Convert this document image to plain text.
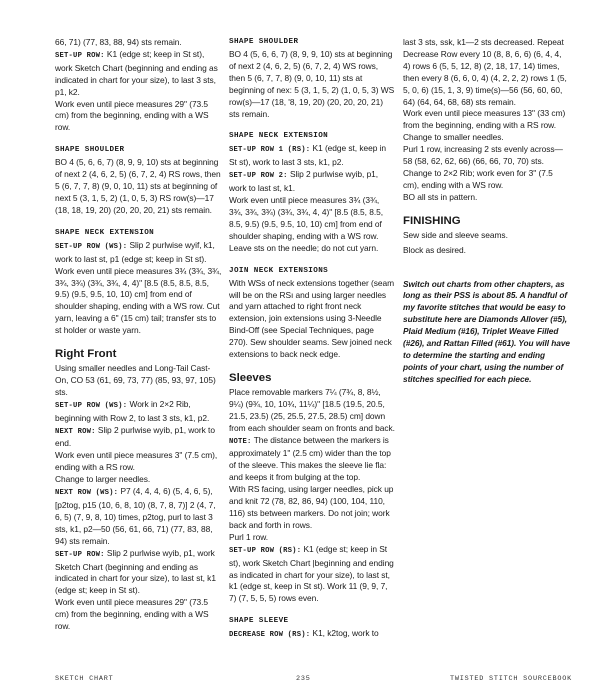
66, 71) (77, 83, 88, 94) sts remain.

SET-UP ROW: K1 (edge st; keep in St st), work Sketch Chart (beginning and ending as indicated in chart for your size), to last 3 sts, p1, k2.

Work even until piece measures 29" (73.5 cm) from the beginning, ending with a WS row.

SHAPE SHOULDER

BO 4 (5, 6, 6, 7) (8, 9, 9, 10) sts at beginning of next 2 (4, 6, 2, 5) (6, 7, 2, 4) RS rows, then 5 (6, 7, 7, 8) (9, 0, 10, 11) sts at beginning of next 5 (3, 1, 5, 2) (1, 0, 5, 3) RS row(s)—17 (18, 18, 19, 20) (20, 20, 20, 21) sts remain.

SHAPE NECK EXTENSION

SET-UP ROW (WS): Slip 2 purlwise wyif, k1, work to last st, p1 (edge st; keep in St st).

Work even until piece measures 3¾ (3¾, 3¾, 3¾, 3¾) (3¾, 3¾, 4, 4)" [8.5 (8.5, 8.5, 8.5, 9.5) (9.5, 9.5, 10, 10) cm] from end of shoulder shaping, ending with a WS row. Cut yarn, leaving a 6" (15 cm) tail; transfer sts to st holder or waste yarn.

Right Front

Using smaller needles and Long-Tail Cast-On, CO 53 (61, 69, 73, 77) (85, 93, 97, 105) sts.

SET-UP ROW (WS): Work in 2×2 Rib, beginning with Row 2, to last 3 sts, k1, p2.

NEXT ROW: Slip 2 purlwise wyib, p1, work to end.

Work even until piece measures 3" (7.5 cm), ending with a RS row.

Change to larger needles.

NEXT ROW (WS): P7 (4, 4, 4, 6) (5, 4, 6, 5), [p2tog, p15 (10, 6, 8, 10) (8, 7, 8, 7)] 2 (4, 7, 6, 5) (7, 9, 8, 10) times, p2tog, purl to last 3 sts, k1, p2—50 (56, 61, 66, 71) (77, 83, 88, 94) sts remain.

SET-UP ROW: Slip 2 purlwise wyib, p1, work Sketch Chart (beginning and ending as indicated in chart for your size), to last st, k1 (edge st; keep in St st).

Work even until piece measures 29" (73.5 cm) from the beginning, ending with a WS row.

SHAPE SHOULDER

BO 4 (5, 6, 6, 7) (8, 9, 9, 10) sts at beginning of next 2 (4, 6, 2, 5) (6, 7, 2, 4) WS rows, then 5 (6, 7, 7, 8) (9, 0, 10, 11) sts at beginning of nex: 5 (3, 1, 5, 2) (1, 0, 5, 3) WS row(s)—17 (18, '8, 19, 20) (20, 20, 20, 21) sts remain.

SHAPE NECK EXTENSION

SET-UP ROW 1 (RS): K1 (edge st, keep in St st), work to last 3 sts, k1, p2.

SET-UP ROW 2: Slip 2 purlwise wyib, p1, work to last st, k1.

Work even until piece measures 3¾ (3¾, 3¾, 3¾, 3¾) (3¾, 3¾, 4, 4)" [8.5 (8.5, 8.5, 8.5, 9.5) (9.5, 9.5, 10, 10) cm] from end of shoulder shaping, ending with a WS row. Leave sts on the needle; do not cut yarn.

JOIN NECK EXTENSIONS

With WSs of neck extensions together (seam will be on the RSı and using larger needles and yarn attached to right front neck extension, join extensions using 3-Needle Bind-Off (see Special Techniques, page 270). Sew shoulder seams. Sew joined neck extensions to back neck edge.

Sleeves

Place removable markers 7¼ (7¾, 8, 8½, 9¼) (9¾, 10, 10¾, 11¼)" [18.5 (19.5, 20.5, 21.5, 23.5) (25, 25.5, 27.5, 28.5) cm] down from each shoulder seam on fronts and back. NOTE: The distance between the markers is approximately 1" (2.5 cm) wider than the top of the sleeve. This makes the sleeve lie fla: and keeps it from bulging at the top.

With RS facing, using larger needles, pick up and knit 72 (78, 82, 86, 94) (100, 104, 110, 116) sts between markers. Do not join; work back and forth in rows.

Purl 1 row.

SET-UP ROW (RS): K1 (edge st; keep in St st), work Sketch Chart |beginning and ending as indicated in chart for your size), to last st, k1 (edge st, keep in St st). Work 11 (9, 9, 7, 7) (7, 5, 5, 5) rows even.

SHAPE SLEEVE

DECREASE ROW (RS): K1, k2tog, work to

last 3 sts, ssk, k1—2 sts decreased. Repeat Decrease Row every 10 (8, 8, 6, 6) (6, 4, 4, 4) rows 6 (5, 5, 12, 8) (2, 18, 17, 14) times, then every 8 (6, 6, 0, 4) (4, 2, 2, 2) rows 1 (5, 5, 0, 6) (15, 1, 3, 9) time(s)—56 (56, 60, 60, 64) (64, 64, 68, 68) sts remain.

Work even until piece measures 13" (33 cm) from the beginning, ending with a RS row.

Change to smaller needles.

Purl 1 row, increasing 2 sts evenly across—58 (58, 62, 62, 66) (66, 66, 70, 70) sts.

Change to 2×2 Rib; work even for 3" (7.5 cm), ending with a WS row.

BO all sts in pattern.

FINISHING

Sew side and sleeve seams.

Block as desired.

Switch out charts from other chapters, as long as their PSS is about 85. A handful of my favorite stitches that would be easy to substitute here are Diamonds Allover (#5), Plaid Medium (#16), Triplet Weave Filled (#26), and Rattan Filled (#61). You will have to determine the starting and ending points of your chart, using the number of stitches specified for each piece.

SKETCH CHART	235	TWISTED STITCH SOURCEBOOK
